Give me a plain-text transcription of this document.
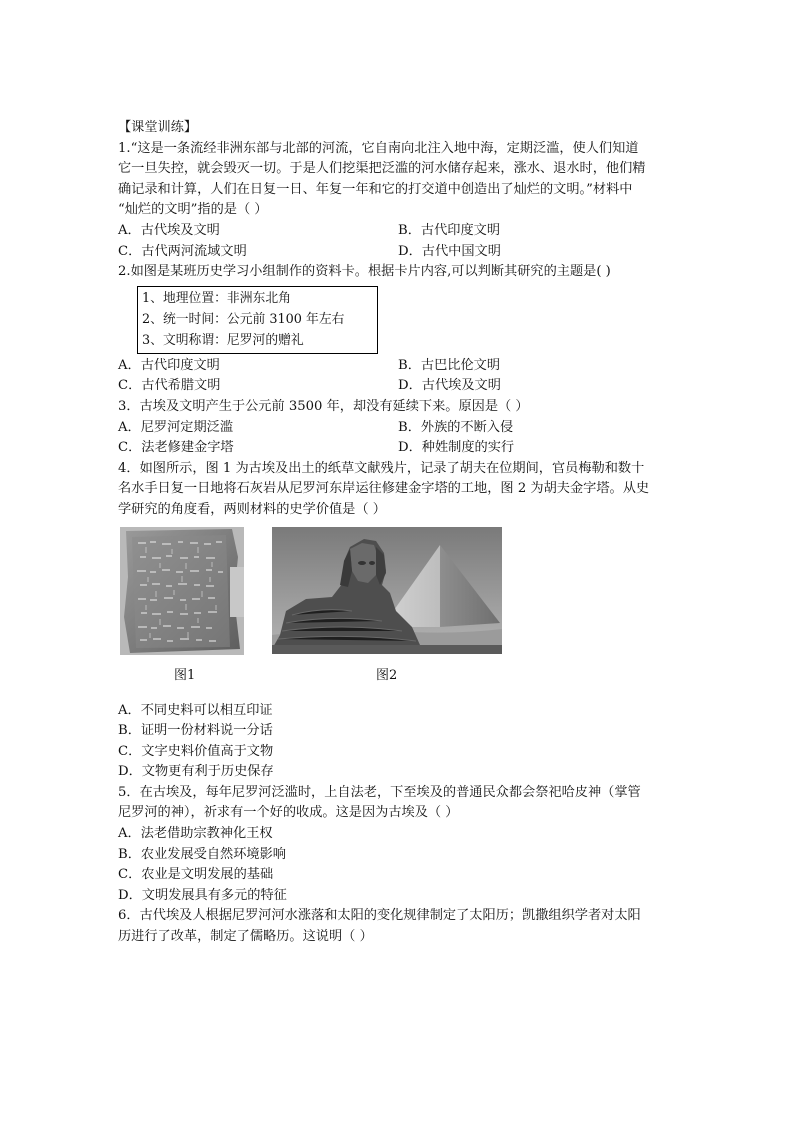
【课堂训练】
1.“这是一条流经非洲东部与北部的河流，它自南向北注入地中海，定期泛滥，使人们知道
它一旦失控，就会毁灭一切。于是人们挖渠把泛滥的河水储存起来，涨水、退水时，他们精
确记录和计算，人们在日复一日、年复一年和它的打交道中创造出了灿烂的文明。”材料中
“灿烂的文明”指的是（ ）
A．古代埃及文明	B．古代印度文明
C．古代两河流域文明	D．古代中国文明
2.如图是某班历史学习小组制作的资料卡。根据卡片内容,可以判断其研究的主题是( )
1、地理位置：非洲东北角
2、统一时间：公元前 3100 年左右
3、文明称谓：尼罗河的赠礼
A．古代印度文明	B．古巴比伦文明
C．古代希腊文明	D．古代埃及文明
3．古埃及文明产生于公元前 3500 年，却没有延续下来。原因是（ ）
A．尼罗河定期泛滥	B．外族的不断入侵
C．法老修建金字塔	D．种姓制度的实行
4．如图所示，图 1 为古埃及出土的纸草文献残片，记录了胡夫在位期间，官员梅勒和数十
名水手日复一日地将石灰岩从尼罗河东岸运往修建金字塔的工地，图 2 为胡夫金字塔。从史
学研究的角度看，两则材料的史学价值是（ ）
图1	图2
A．不同史料可以相互印证
B．证明一份材料说一分话
C．文字史料价值高于文物
D．文物更有利于历史保存
5．在古埃及，每年尼罗河泛滥时，上自法老，下至埃及的普通民众都会祭祀哈皮神（掌管
尼罗河的神），祈求有一个好的收成。这是因为古埃及（ ）
A．法老借助宗教神化王权
B．农业发展受自然环境影响
C．农业是文明发展的基础
D．文明发展具有多元的特征
6．古代埃及人根据尼罗河河水涨落和太阳的变化规律制定了太阳历；凯撒组织学者对太阳
历进行了改革，制定了儒略历。这说明（ ）
